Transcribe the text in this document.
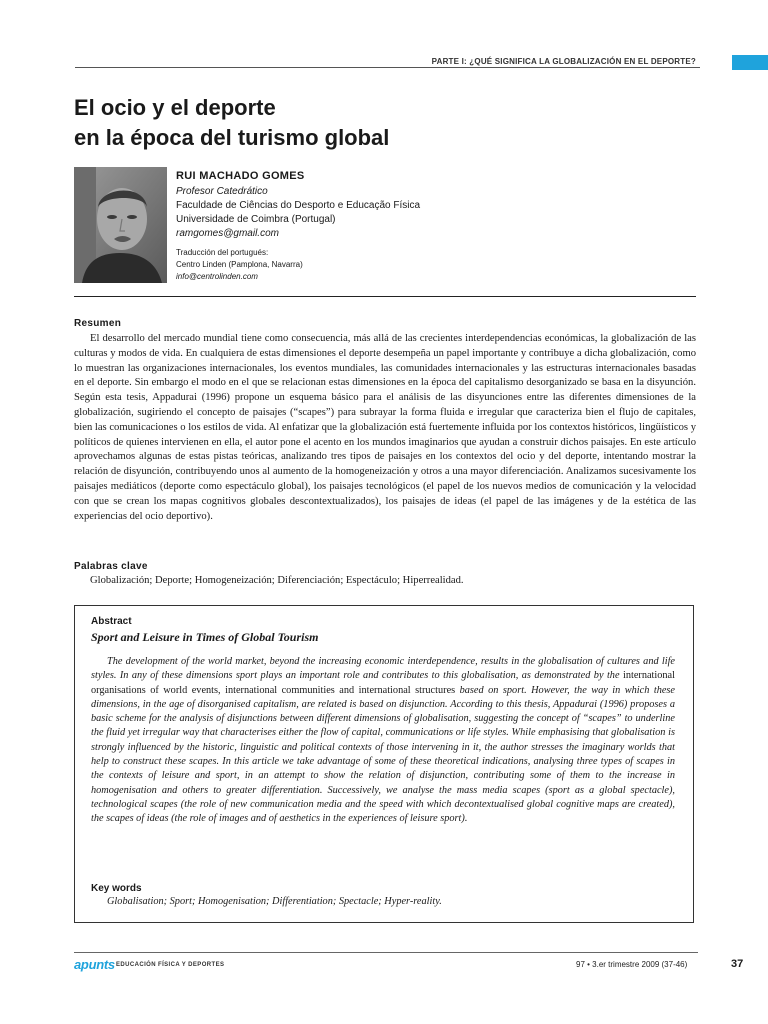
PARTE I: ¿QUÉ SIGNIFICA LA GLOBALIZACIÓN EN EL DEPORTE?
El ocio y el deporte
en la época del turismo global
RUI MACHADO GOMES
Profesor Catedrático
Faculdade de Ciências do Desporto e Educação Física
Universidade de Coimbra (Portugal)
ramgomes@gmail.com
Traducción del portugués:
Centro Linden (Pamplona, Navarra)
info@centrolinden.com
Resumen

El desarrollo del mercado mundial tiene como consecuencia, más allá de las crecientes interdependencias económicas, la globalización de las culturas y modos de vida. En cualquiera de estas dimensiones el deporte desempeña un papel importante y contribuye a dicha globalización, como lo muestran las organizaciones internacionales, los eventos mundiales, las comunidades internacionales y las estructuras internacionales basadas en el deporte. Sin embargo el modo en el que se relacionan estas dimensiones en la época del capitalismo desorganizado se basa en la disyunción. Según esta tesis, Appadurai (1996) propone un esquema básico para el análisis de las disyunciones entre las diferentes dimensiones de la globalización, sugiriendo el concepto de paisajes (“scapes”) para subrayar la forma fluida e irregular que caracteriza bien el flujo de capitales, bien las comunicaciones o los estilos de vida. Al enfatizar que la globalización está fuertemente influida por los contextos históricos, lingüísticos y políticos de quienes intervienen en ella, el autor pone el acento en los mundos imaginarios que ayudan a construir dichos paisajes. En este artículo aprovechamos algunas de estas pistas teóricas, analizando tres tipos de paisajes en los contextos del ocio y del deporte, intentando mostrar la relación de disyunción, contribuyendo unos al aumento de la homogeneización y otros a una mayor diferenciación. Analizamos sucesivamente los paisajes mediáticos (deporte como espectáculo global), los paisajes tecnológicos (el papel de los nuevos medios de comunicación y la velocidad con que se crean los mapas cognitivos globales descontextualizados), los paisajes de ideas (el papel de las imágenes y de la estética de las experiencias del ocio deportivo).

Palabras clave
Globalización; Deporte; Homogeneización; Diferenciación; Espectáculo; Hiperrealidad.
Abstract
Sport and Leisure in Times of Global Tourism

The development of the world market, beyond the increasing economic interdependence, results in the globalisation of cultures and life styles. In any of these dimensions sport plays an important role and contributes to this globalisation, as demonstrated by the international organisations of world events, international communities and international structures based on sport. However, the way in which these dimensions, in the age of disorganised capitalism, are related is based on disjunction. According to this thesis, Appadurai (1996) proposes a basic scheme for the analysis of disjunctions between different dimensions of globalisation, suggesting the concept of “scapes” to underline the fluid yet irregular way that characterises either the flow of capital, communications or life styles. While emphasising that globalisation is strongly influenced by the historic, linguistic and political contexts of those intervening in it, the author stresses the imaginary worlds that help to construct these scapes. In this article we take advantage of some of these theoretical indications, analysing three types of scapes in the contexts of leisure and sport, in an attempt to show the relation of disjunction, contributing some of them to the increase in homogenisation and others to greater differentiation. Successively, we analyse the mass media scapes (sport as a global spectacle), technological scapes (the role of new communication media and the speed with which decontextualised global cognitive maps are created), the scapes of ideas (the role of images and of aesthetics in the experiences of leisure sport).

Key words
Globalisation; Sport; Homogenisation; Differentiation; Spectacle; Hyper-reality.
apunts EDUCACIÓN FÍSICA Y DEPORTES	97 • 3.er trimestre 2009 (37-46)	37
